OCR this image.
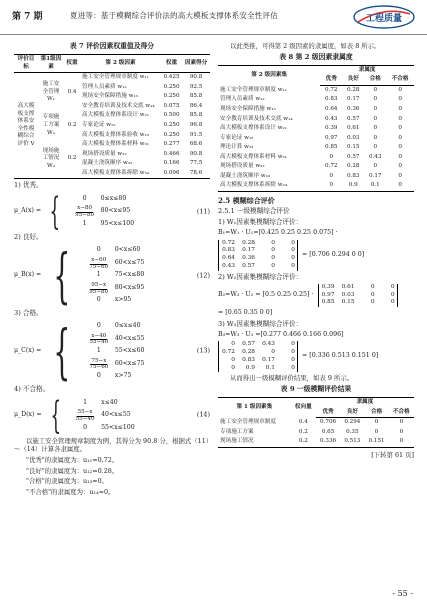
第 7 期	夏进等：基于模糊综合评价法的高大模板支撑体系安全性评估	工程质量
表 7 评价因素权重值及得分
评价目标	第1级因素	权重	第 2 级因素	权重	因素得分
高大模板支撑体系安全性模糊综合评价 V	施工安全管理 W₁	0.4	施工安全管理规章制度 w₁₁	0.425	90.8
			管理人员素质 w₁₂	0.250	92.5
			现场安全保障措施 w₁₃	0.250	85.8
			安全教育培训及技术交底 w₁₄	0.075	86.4
	专项施工方案 W₂	0.2	高大模板支撑体系设计 w₂₁	0.500	85.8
			专家论证 w₂₂	0.250	96.8
			高大模板支撑体系验收 w₂₃	0.250	91.5
	现场施工情况 W₃	0.2	高大模板支撑体系材料 w₃₁	0.277	68.6
			现场搭设质量 w₃₂	0.466	90.8
			混凝土浇筑顺序 w₃₃	0.166	77.5
			高大模板支撑体系拆除 w₃₄	0.096	78.6
1) 优秀。
μ_A(x) = {	0	0≤x≤80
$\frac{x-80}{95-80} 80<x\le 95$
1	95<x≤100
(11)
2) 良好。
μ_B(x) = {	0	0<x≤60
$\frac{x-60}{75-60} 60<x\le 75$
1	75<x≤80
$\frac{95-x}{95-80} 80<x\le 95$
0	x>95
(12)
3) 合格。
μ_C(x) = {	0	0≤x≤40
$\frac{x-40}{55-40} 40<x\le 55$
1	55<x≤60
$\frac{75-x}{75-60} 60<x\le 75$
0	x>75
(13)
4) 不合格。
μ_D(x) = {	1	x≤40
$\frac{55-x}{55-40} 40<x\le 55$
0	55<x≤100
(14)
以施工安全管理规章制度为例，其得分为 90.8 分，根据式（11）～（14）计算各隶属度。
"优秀"的隶属度为：u₁₁=0.72。
"良好"的隶属度为：u₁₂=0.28。
"合格"的隶属度为：u₁₃=0。
"不合格"的隶属度为：u₁₄=0。
以此类推，可得第 2 级因素的隶属度，如表 8 所示。
表 8 第 2 级因素隶属度
第 2 级因素集	隶属度			
	优秀	良好	合格	不合格
施工安全管理规章制度 w₁₁	0.72	0.28	0	0
管理人员素质 w₁₂	0.83	0.17	0	0
现场安全保障措施 w₁₃	0.64	0.36	0	0
安全教育培训及技术交底 w₁₄	0.43	0.57	0	0
高大模板支撑体系设计 w₂₁	0.39	0.61	0	0
专家论证 w₂₂	0.97	0.03	0	0
理论计算 w₂₃	0.85	0.15	0	0
高大模板支撑体系材料 w₃₁	0	0.57	0.43	0
现场搭设质量 w₃₂	0.72	0.28	0	0
混凝土浇筑顺序 w₃₃	0	0.83	0.17	0
高大模板支撑体系拆除 w₃₄	0	0.9	0.1	0
2.5 模糊综合评价
2.5.1 一级模糊综合评价
1) W₁因素集模糊综合评价：
B₁=W₁ · U₁=[0.425 0.25 0.25 0.075] ·
0.72 0.28	0	0
0.83 0.17	0	0
0.64 0.36	0	0
0.43 0.57	0	0
= [0.706 0.294 0 0]
2) W₂因素集模糊综合评价：
B₂=W₂ · U₂ = [0.5 0.25 0.25] ·
0.39 0.61	0	0
0.97 0.03	0	0
0.85 0.15	0	0
= [0.65 0.35 0 0]
3) W₃因素集模糊综合评价：
B₃=W₃ · U₃ =[0.277 0.466 0.166 0.096]
0 0.57 0.43	0
0.72 0.28	0	0
0 0.83 0.17	0
0	0.9	0.1	0
= [0.336 0.513 0.151 0]
从而得出一级模糊评价结果，如表 9 所示。
表 9 一级模糊评价结果
第 1 级因素集	权向量	隶属度			
		优秀	良好	合格	不合格
施工安全管理规章制度	0.4	0.706	0.294	0	0
专项施工方案	0.2	0.65	0.35	0	0
现场施工情况	0.2	0.336	0.513	0.151	0
[下转第 61 页]
- 55 -
